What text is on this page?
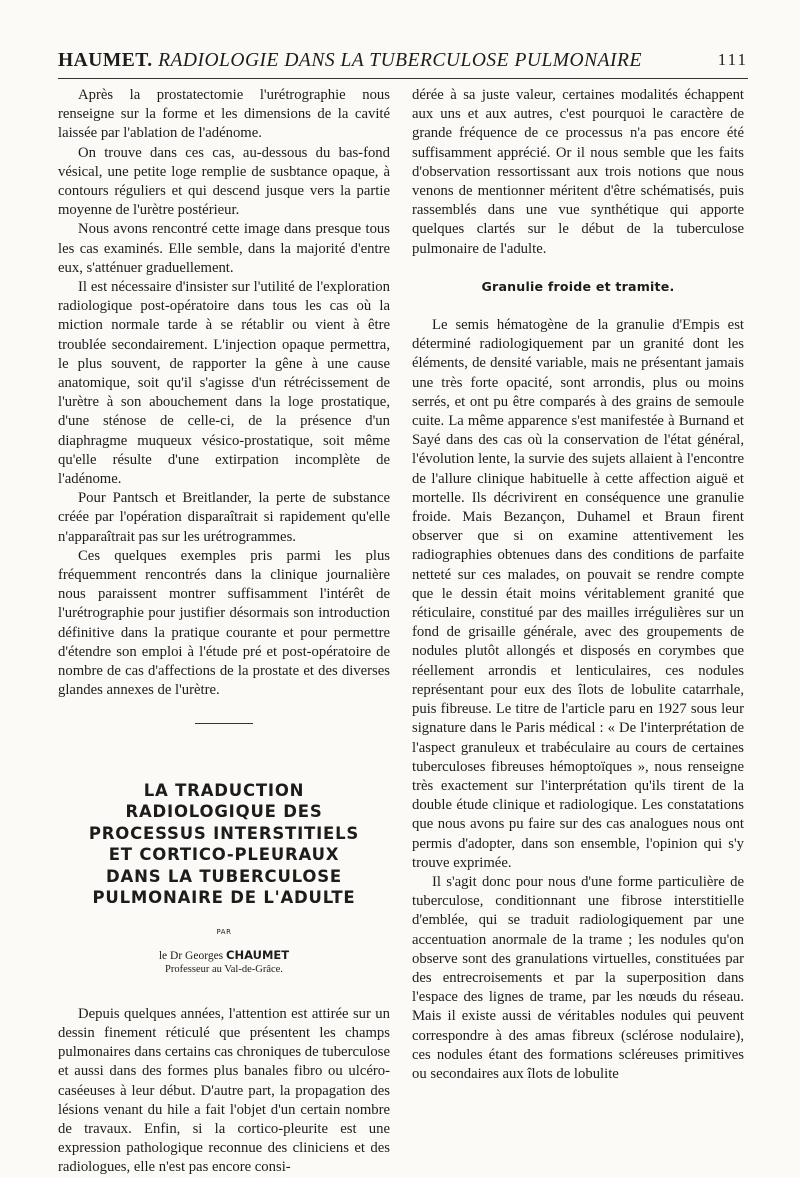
HAUMET. RADIOLOGIE DANS LA TUBERCULOSE PULMONAIRE	111

Après la prostatectomie l'urétrographie nous renseigne sur la forme et les dimensions de la cavité laissée par l'ablation de l'adénome.

On trouve dans ces cas, au-dessous du bas-fond vésical, une petite loge remplie de susbtance opaque, à contours réguliers et qui descend jusque vers la partie moyenne de l'urètre postérieur.

Nous avons rencontré cette image dans presque tous les cas examinés. Elle semble, dans la majorité d'entre eux, s'atténuer graduellement.

Il est nécessaire d'insister sur l'utilité de l'exploration radiologique post-opératoire dans tous les cas où la miction normale tarde à se rétablir ou vient à être troublée secondairement. L'injection opaque permettra, le plus souvent, de rapporter la gêne à une cause anatomique, soit qu'il s'agisse d'un rétrécissement de l'urètre à son abouchement dans la loge prostatique, d'une sténose de celle-ci, de la présence d'un diaphragme muqueux vésico-prostatique, soit même qu'elle résulte d'une extirpation incomplète de l'adénome.

Pour Pantsch et Breitlander, la perte de substance créée par l'opération disparaîtrait si rapidement qu'elle n'apparaîtrait pas sur les urétrogrammes.

Ces quelques exemples pris parmi les plus fréquemment rencontrés dans la clinique journalière nous paraissent montrer suffisamment l'intérêt de l'urétrographie pour justifier désormais son introduction définitive dans la pratique courante et pour permettre d'étendre son emploi à l'étude pré et post-opératoire de nombre de cas d'affections de la prostate et des diverses glandes annexes de l'urètre.

LA TRADUCTION
RADIOLOGIQUE DES
PROCESSUS INTERSTITIELS
ET CORTICO-PLEURAUX
DANS LA TUBERCULOSE
PULMONAIRE DE L'ADULTE
PAR
le Dr Georges CHAUMET
Professeur au Val-de-Grâce.

Depuis quelques années, l'attention est attirée sur un dessin finement réticulé que présentent les champs pulmonaires dans certains cas chroniques de tuberculose et aussi dans des formes plus banales fibro ou ulcéro-caséeuses à leur début. D'autre part, la propagation des lésions venant du hile a fait l'objet d'un certain nombre de travaux. Enfin, si la cortico-pleurite est une expression pathologique reconnue des cliniciens et des radiologues, elle n'est pas encore consi-

dérée à sa juste valeur, certaines modalités échappent aux uns et aux autres, c'est pourquoi le caractère de grande fréquence de ce processus n'a pas encore été suffisamment apprécié. Or il nous semble que les faits d'observation ressortissant aux trois notions que nous venons de mentionner méritent d'être schématisés, puis rassemblés dans une vue synthétique qui apporte quelques clartés sur le début de la tuberculose pulmonaire de l'adulte.

Granulie froide et tramite.

Le semis hématogène de la granulie d'Empis est déterminé radiologiquement par un granité dont les éléments, de densité variable, mais ne présentant jamais une très forte opacité, sont arrondis, plus ou moins serrés, et ont pu être comparés à des grains de semoule cuite. La même apparence s'est manifestée à Burnand et Sayé dans des cas où la conservation de l'état général, l'évolution lente, la survie des sujets allaient à l'encontre de l'allure clinique habituelle à cette affection aiguë et mortelle. Ils décrivirent en conséquence une granulie froide. Mais Bezançon, Duhamel et Braun firent observer que si on examine attentivement les radiographies obtenues dans des conditions de parfaite netteté sur ces malades, on pouvait se rendre compte que le dessin était moins véritablement granité que réticulaire, constitué par des mailles irrégulières sur un fond de grisaille générale, avec des groupements de nodules plutôt allongés et disposés en corymbes que réellement arrondis et lenticulaires, ces nodules représentant pour eux des îlots de lobulite catarrhale, puis fibreuse. Le titre de l'article paru en 1927 sous leur signature dans le Paris médical : « De l'interprétation de l'aspect granuleux et trabéculaire au cours de certaines tuberculoses fibreuses hémoptoïques », nous renseigne très exactement sur l'interprétation qu'ils tirent de la double étude clinique et radiologique. Les constatations que nous avons pu faire sur des cas analogues nous ont permis d'adopter, dans son ensemble, l'opinion qui s'y trouve exprimée.

Il s'agit donc pour nous d'une forme particulière de tuberculose, conditionnant une fibrose interstitielle d'emblée, qui se traduit radiologiquement par une accentuation anormale de la trame ; les nodules qu'on observe sont des granulations virtuelles, constituées par des entrecroisements et par la superposition dans l'espace des lignes de trame, par les nœuds du réseau. Mais il existe aussi de véritables nodules qui peuvent correspondre à des amas fibreux (sclérose nodulaire), ces nodules étant des formations scléreuses primitives ou secondaires aux îlots de lobulite
